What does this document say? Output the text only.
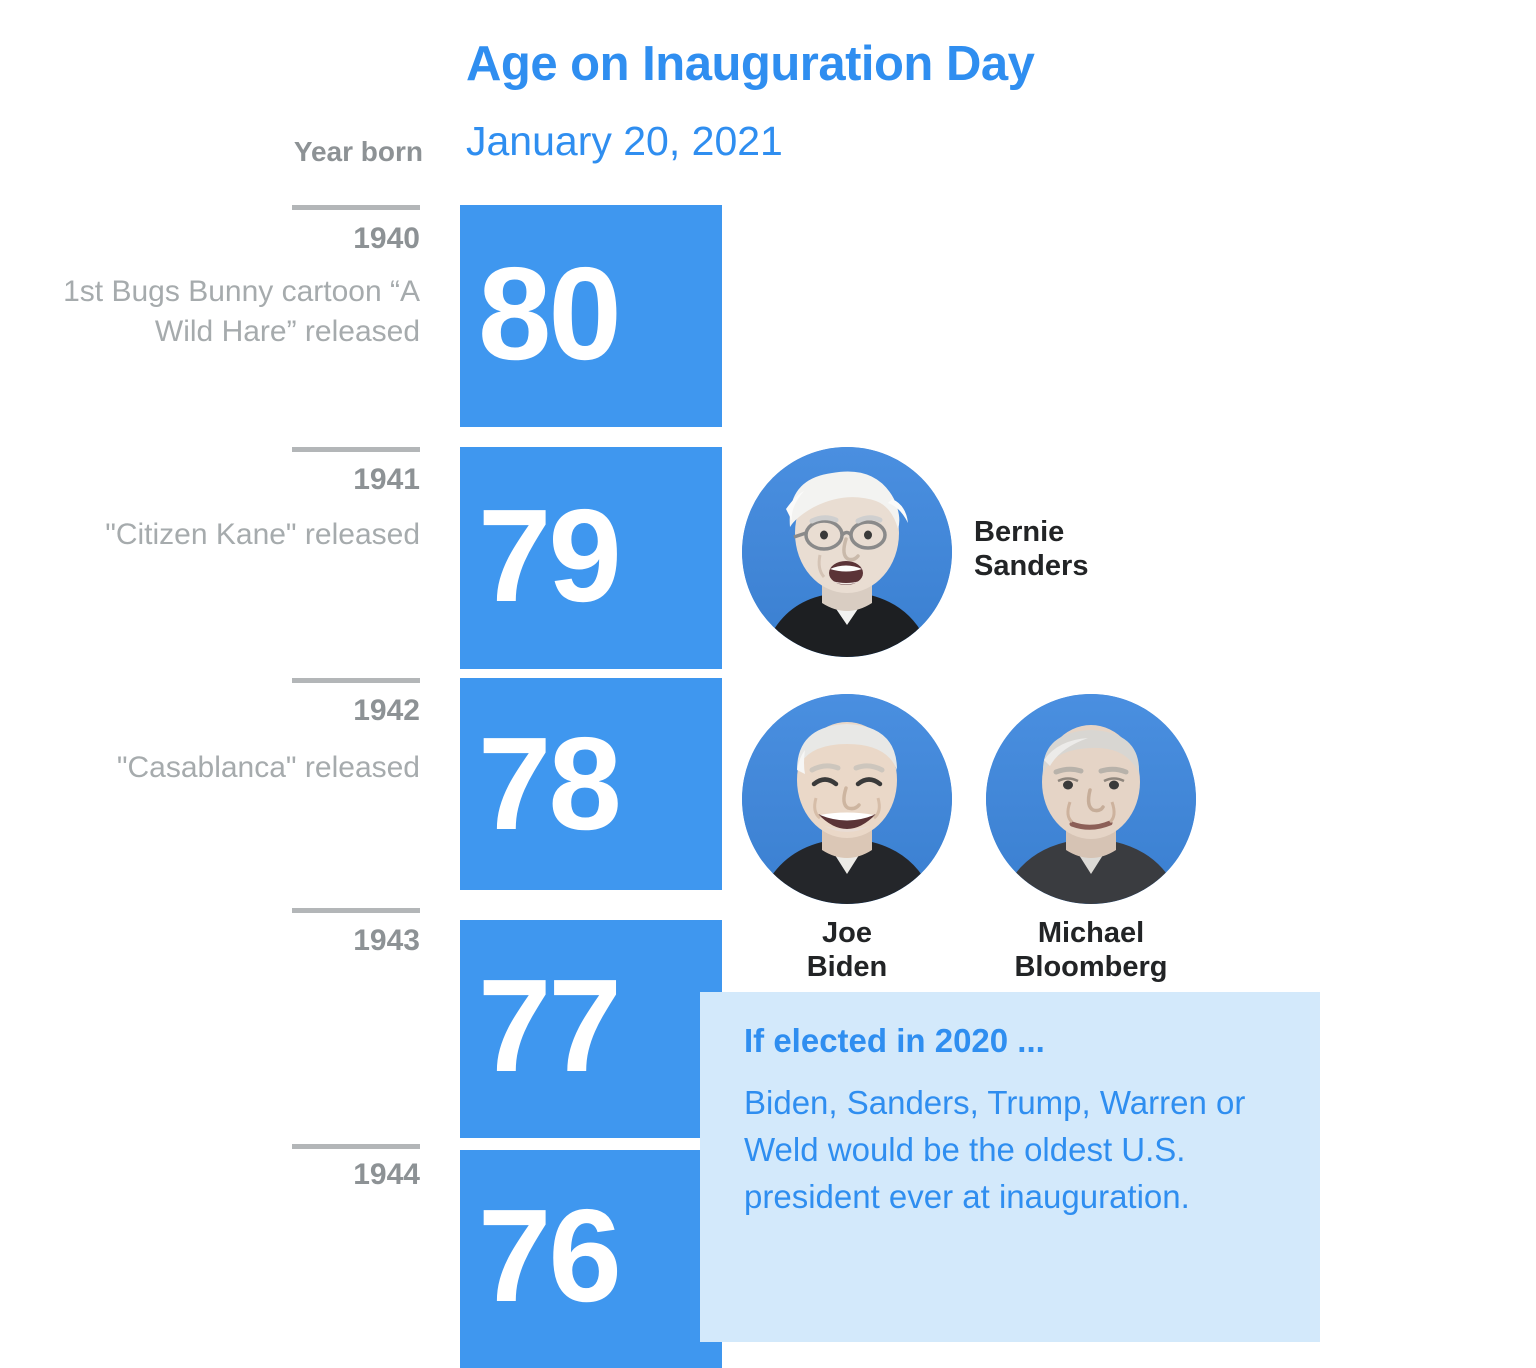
Age on Inauguration Day
January 20, 2021
Year born
1940
1st Bugs Bunny cartoon “A Wild Hare” released 80
1941
"Citizen Kane" released 79
1942
"Casablanca" released 78
1943
77
1944
76
Bernie
Sanders
Joe
Biden
Michael
Bloomberg
If elected in 2020 ...
Biden, Sanders, Trump, Warren or Weld would be the oldest U.S. president ever at inauguration.
